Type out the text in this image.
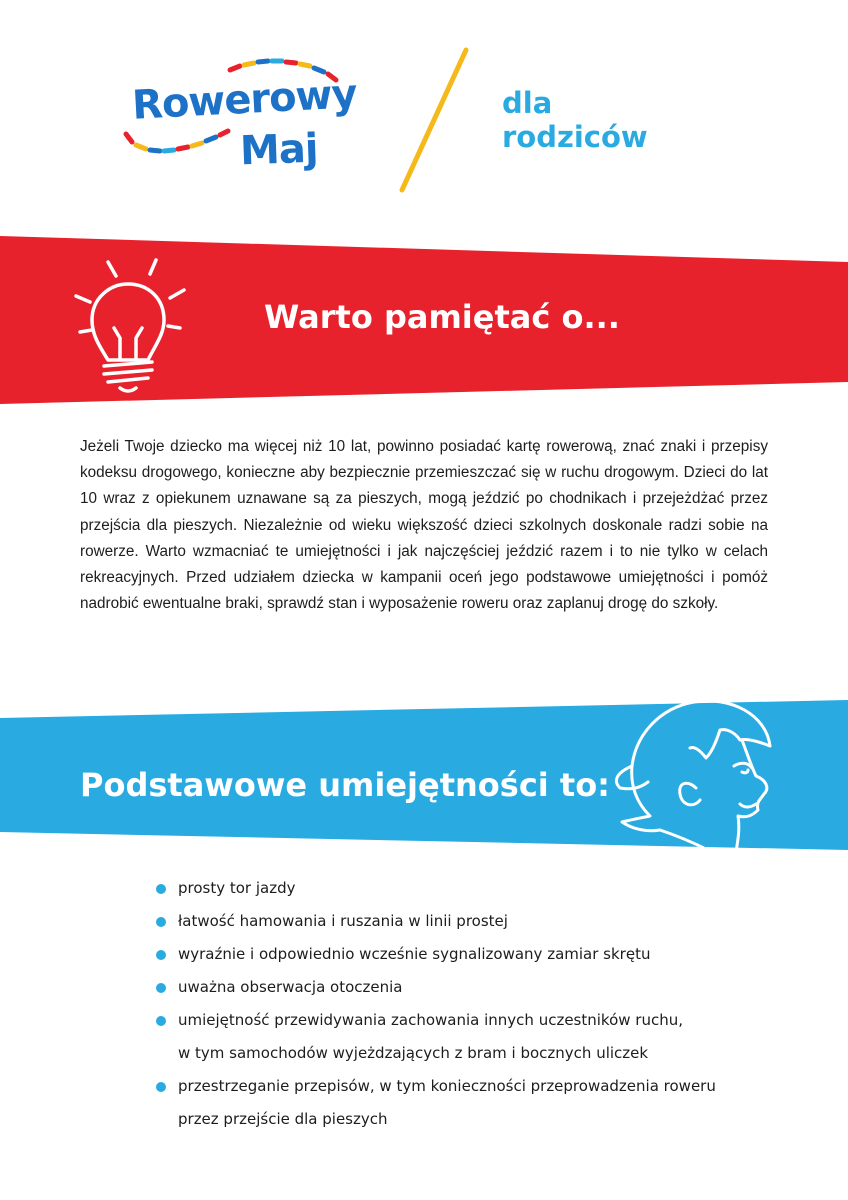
Rowerowy
Maj
dla
rodziców
Warto pamiętać o...
Jeżeli Twoje dziecko ma więcej niż 10 lat, powinno posiadać kartę rowerową, znać znaki i przepisy kodeksu drogowego, konieczne aby bezpiecznie przemieszczać się w ruchu drogowym. Dzieci do lat 10 wraz z opiekunem uznawane są za pieszych, mogą jeździć po chodnikach i przejeżdżać przez przejścia dla pieszych. Niezależnie od wieku większość dzieci szkolnych doskonale radzi sobie na rowerze. Warto wzmacniać te umiejętności i jak najczęściej jeździć razem i to nie tylko w celach rekreacyjnych. Przed udziałem dziecka w kampanii oceń jego podstawowe umiejętności i pomóż nadrobić ewentualne braki, sprawdź stan i wyposażenie roweru oraz zaplanuj drogę do szkoły.
Podstawowe umiejętności to:
prosty tor jazdy
łatwość hamowania i ruszania w linii prostej
wyraźnie i odpowiednio wcześnie sygnalizowany zamiar skrętu
uważna obserwacja otoczenia
umiejętność przewidywania zachowania innych uczestników ruchu,
w tym samochodów wyjeżdzających z bram i bocznych uliczek
przestrzeganie przepisów, w tym konieczności przeprowadzenia roweru
przez przejście dla pieszych
